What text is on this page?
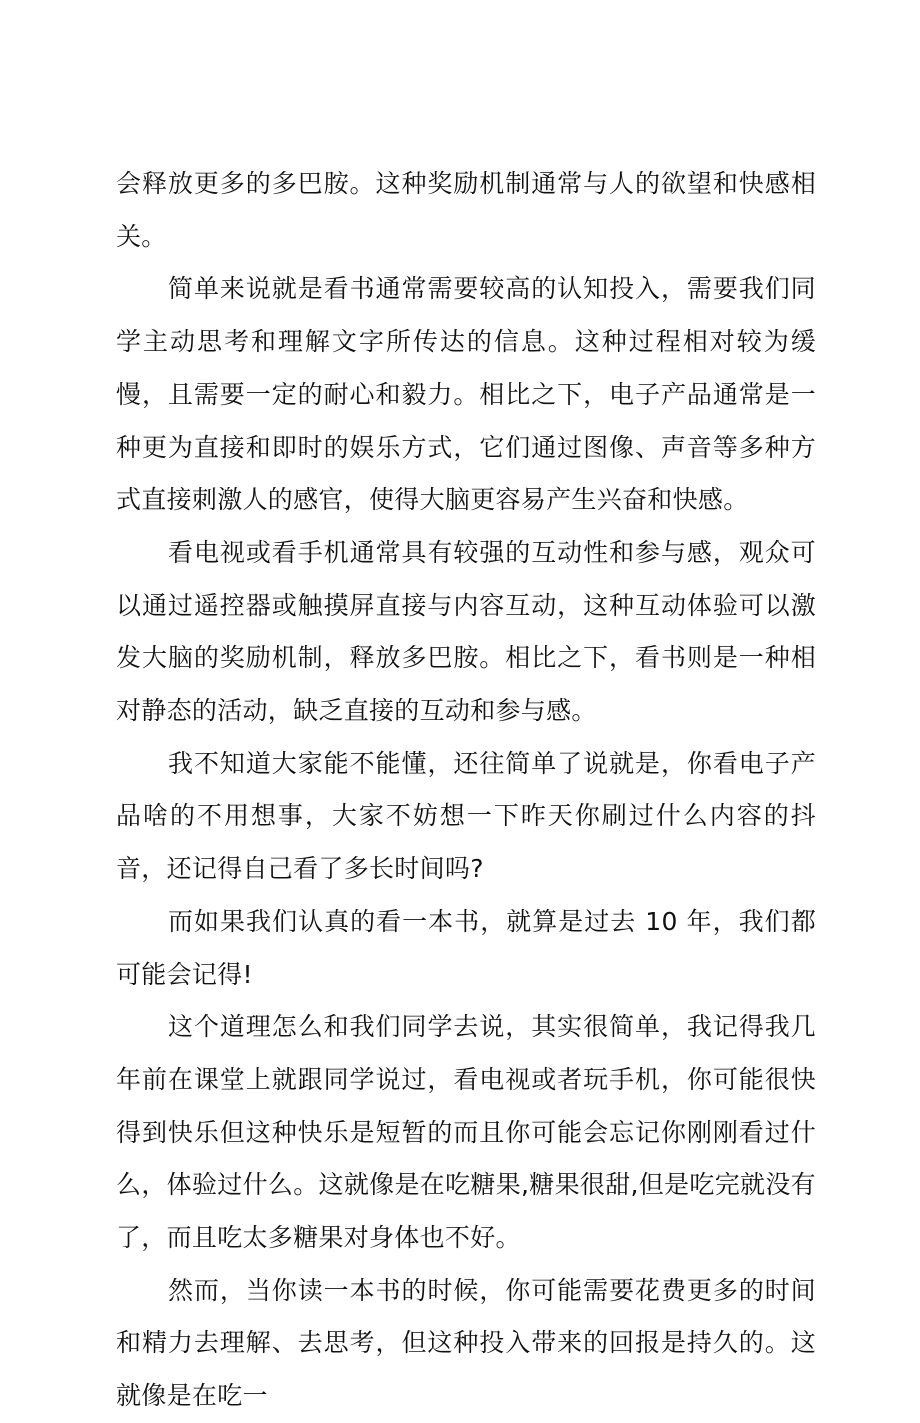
会释放更多的多巴胺。这种奖励机制通常与人的欲望和快感相关。

简单来说就是看书通常需要较高的认知投入，需要我们同学主动思考和理解文字所传达的信息。这种过程相对较为缓慢，且需要一定的耐心和毅力。相比之下，电子产品通常是一种更为直接和即时的娱乐方式，它们通过图像、声音等多种方式直接刺激人的感官，使得大脑更容易产生兴奋和快感。

看电视或看手机通常具有较强的互动性和参与感，观众可以通过遥控器或触摸屏直接与内容互动，这种互动体验可以激发大脑的奖励机制，释放多巴胺。相比之下，看书则是一种相对静态的活动，缺乏直接的互动和参与感。

我不知道大家能不能懂，还往简单了说就是，你看电子产品啥的不用想事，大家不妨想一下昨天你刷过什么内容的抖音，还记得自己看了多长时间吗?

而如果我们认真的看一本书，就算是过去 10 年，我们都可能会记得!

这个道理怎么和我们同学去说，其实很简单，我记得我几年前在课堂上就跟同学说过，看电视或者玩手机，你可能很快得到快乐但这种快乐是短暂的而且你可能会忘记你刚刚看过什么，体验过什么。这就像是在吃糖果,糖果很甜,但是吃完就没有了，而且吃太多糖果对身体也不好。

然而，当你读一本书的时候，你可能需要花费更多的时间和精力去理解、去思考，但这种投入带来的回报是持久的。这就像是在吃一
